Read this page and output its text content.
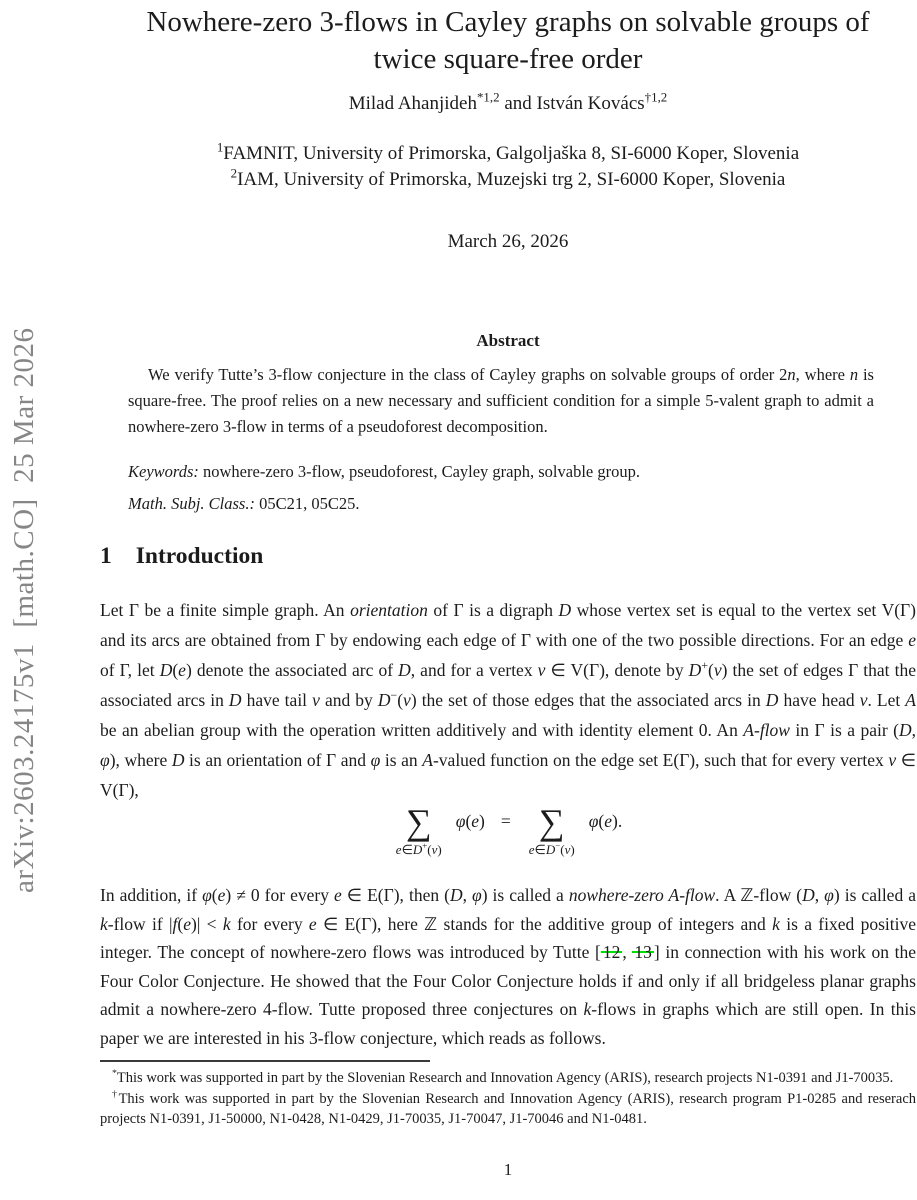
arXiv:2603.24175v1  [math.CO]  25 Mar 2026
Nowhere-zero 3-flows in Cayley graphs on solvable groups of
twice square-free order
Milad Ahanjideh$^{*1,2}$ and István Kovács$^{\dagger 1,2}$
$^1$FAMNIT, University of Primorska, Galgoljaška 8, SI-6000 Koper, Slovenia
$^2$IAM, University of Primorska, Muzejski trg 2, SI-6000 Koper, Slovenia
March 26, 2026
Abstract
We verify Tutte’s 3-flow conjecture in the class of Cayley graphs on solvable groups of order 2n, where n is square-free. The proof relies on a new necessary and sufficient condition for a simple 5-valent graph to admit a nowhere-zero 3-flow in terms of a pseudoforest decomposition.
Keywords: nowhere-zero 3-flow, pseudoforest, Cayley graph, solvable group.
Math. Subj. Class.: 05C21, 05C25.
1 Introduction
Let Γ be a finite simple graph. An orientation of Γ is a digraph D whose vertex set is equal to the vertex set V(Γ) and its arcs are obtained from Γ by endowing each edge of Γ with one of the two possible directions. For an edge e of Γ, let D(e) denote the associated arc of D, and for a vertex v ∈ V(Γ), denote by D+(v) the set of edges Γ that the associated arcs in D have tail v and by D−(v) the set of those edges that the associated arcs in D have head v. Let A be an abelian group with the operation written additively and with identity element 0. An A-flow in Γ is a pair (D, φ), where D is an orientation of Γ and φ is an A-valued function on the edge set E(Γ), such that for every vertex v ∈ V(Γ),
∑
e∈D+(v)
φ(e) = ∑
e∈D−(v)
φ(e).
In addition, if φ(e) ≠ 0 for every e ∈ E(Γ), then (D, φ) is called a nowhere-zero A-flow. A ℤ-flow (D, φ) is called a k-flow if |f(e)| < k for every e ∈ E(Γ), here ℤ stands for the additive group of integers and k is a fixed positive integer. The concept of nowhere-zero flows was introduced by Tutte [ 12 , 13 ] in connection with his work on the Four Color Conjecture. He showed that the Four Color Conjecture holds if and only if all bridgeless planar graphs admit a nowhere-zero 4-flow. Tutte proposed three conjectures on k-flows in graphs which are still open. In this paper we are interested in his 3-flow conjecture, which reads as follows.

*This work was supported in part by the Slovenian Research and Innovation Agency (ARIS), research projects N1-0391 and J1-70035.

†This work was supported in part by the Slovenian Research and Innovation Agency (ARIS), research program P1-0285 and reserach projects N1-0391, J1-50000, N1-0428, N1-0429, J1-70035, J1-70047, J1-70046 and N1-0481.

1
